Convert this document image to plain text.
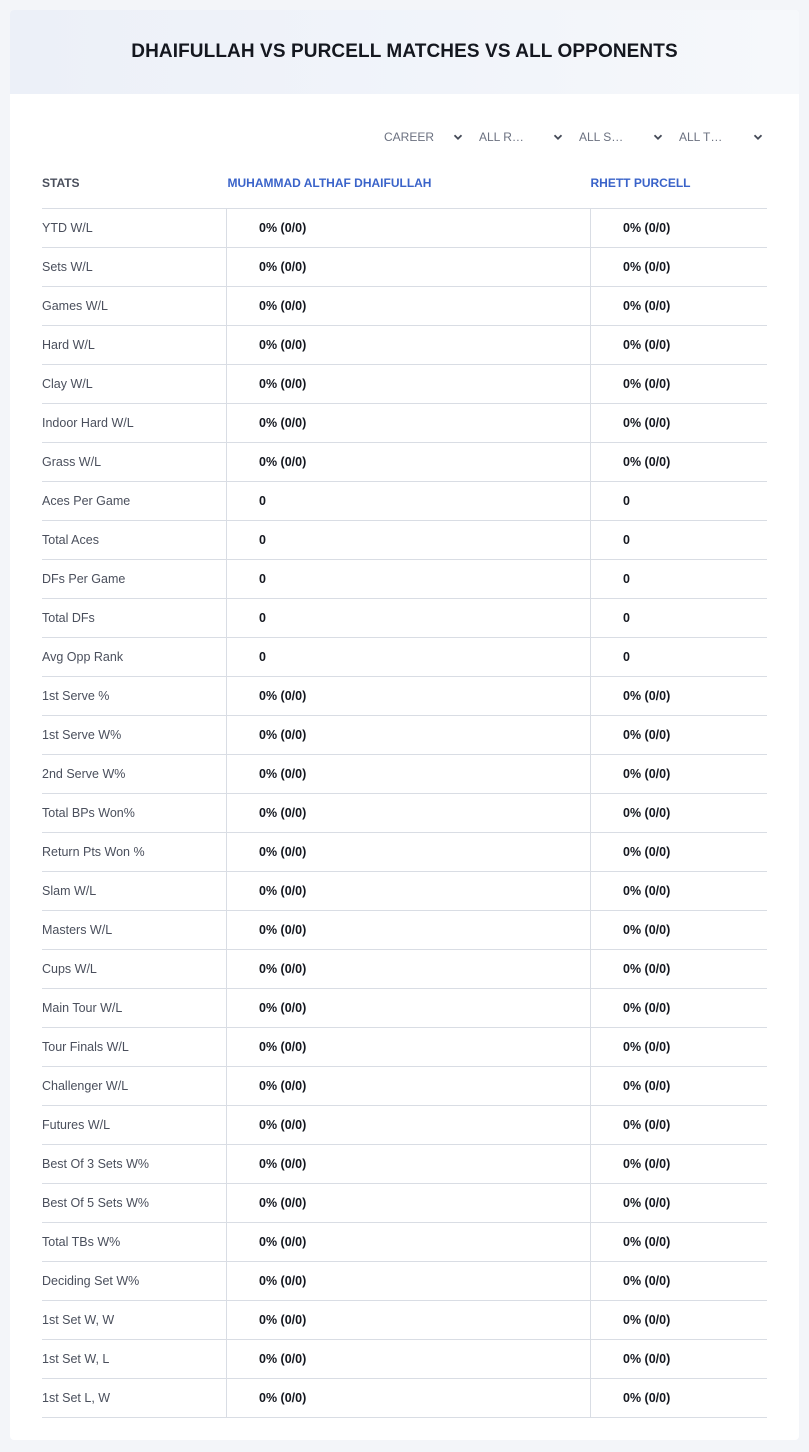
DHAIFULLAH VS PURCELL MATCHES VS ALL OPPONENTS
CAREER	ALL R…	ALL S…	ALL T…
STATS	MUHAMMAD ALTHAF DHAIFULLAH	RHETT PURCELL
YTD W/L	0% (0/0)	0% (0/0)
Sets W/L	0% (0/0)	0% (0/0)
Games W/L	0% (0/0)	0% (0/0)
Hard W/L	0% (0/0)	0% (0/0)
Clay W/L	0% (0/0)	0% (0/0)
Indoor Hard W/L	0% (0/0)	0% (0/0)
Grass W/L	0% (0/0)	0% (0/0)
Aces Per Game	0	0
Total Aces	0	0
DFs Per Game	0	0
Total DFs	0	0
Avg Opp Rank	0	0
1st Serve %	0% (0/0)	0% (0/0)
1st Serve W%	0% (0/0)	0% (0/0)
2nd Serve W%	0% (0/0)	0% (0/0)
Total BPs Won%	0% (0/0)	0% (0/0)
Return Pts Won %	0% (0/0)	0% (0/0)
Slam W/L	0% (0/0)	0% (0/0)
Masters W/L	0% (0/0)	0% (0/0)
Cups W/L	0% (0/0)	0% (0/0)
Main Tour W/L	0% (0/0)	0% (0/0)
Tour Finals W/L	0% (0/0)	0% (0/0)
Challenger W/L	0% (0/0)	0% (0/0)
Futures W/L	0% (0/0)	0% (0/0)
Best Of 3 Sets W%	0% (0/0)	0% (0/0)
Best Of 5 Sets W%	0% (0/0)	0% (0/0)
Total TBs W%	0% (0/0)	0% (0/0)
Deciding Set W%	0% (0/0)	0% (0/0)
1st Set W, W	0% (0/0)	0% (0/0)
1st Set W, L	0% (0/0)	0% (0/0)
1st Set L, W	0% (0/0)	0% (0/0)
